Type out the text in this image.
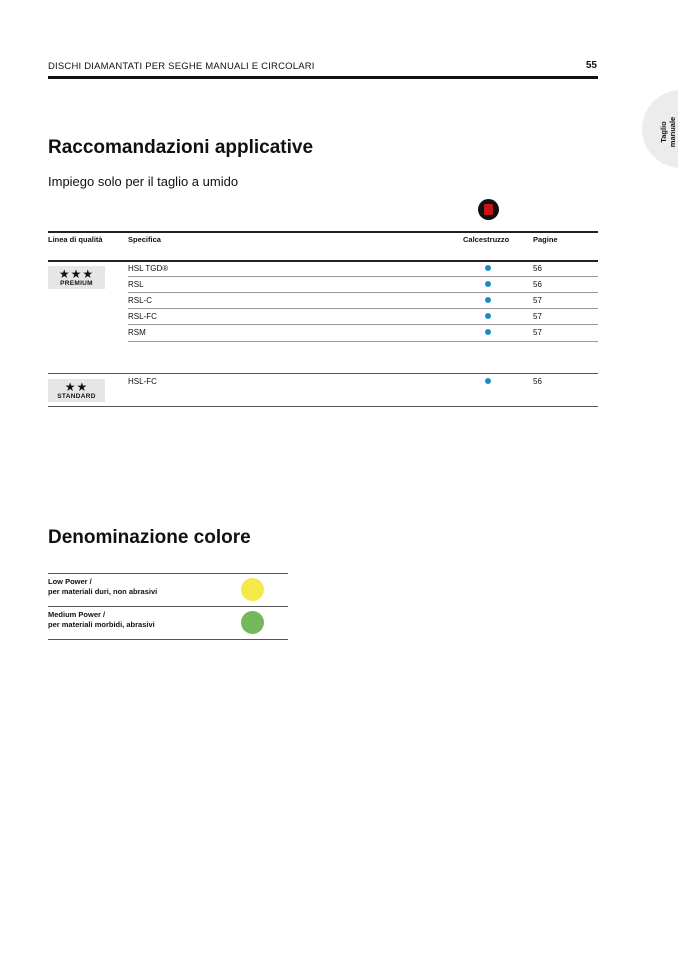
DISCHI DIAMANTATI PER SEGHE MANUALI E CIRCOLARI	55
Taglio manuale
Raccomandazioni applicative
Impiego solo per il taglio a umido
Linea di qualità	Specifica	Calcestruzzo	Pagine
★★★
PREMIUM
HSL TGD®	56
RSL	56
RSL-C	57
RSL-FC	57
RSM	57
★★
STANDARD
HSL-FC	56
Denominazione colore
Low Power /
per materiali duri, non abrasivi
Medium Power /
per materiali morbidi, abrasivi
